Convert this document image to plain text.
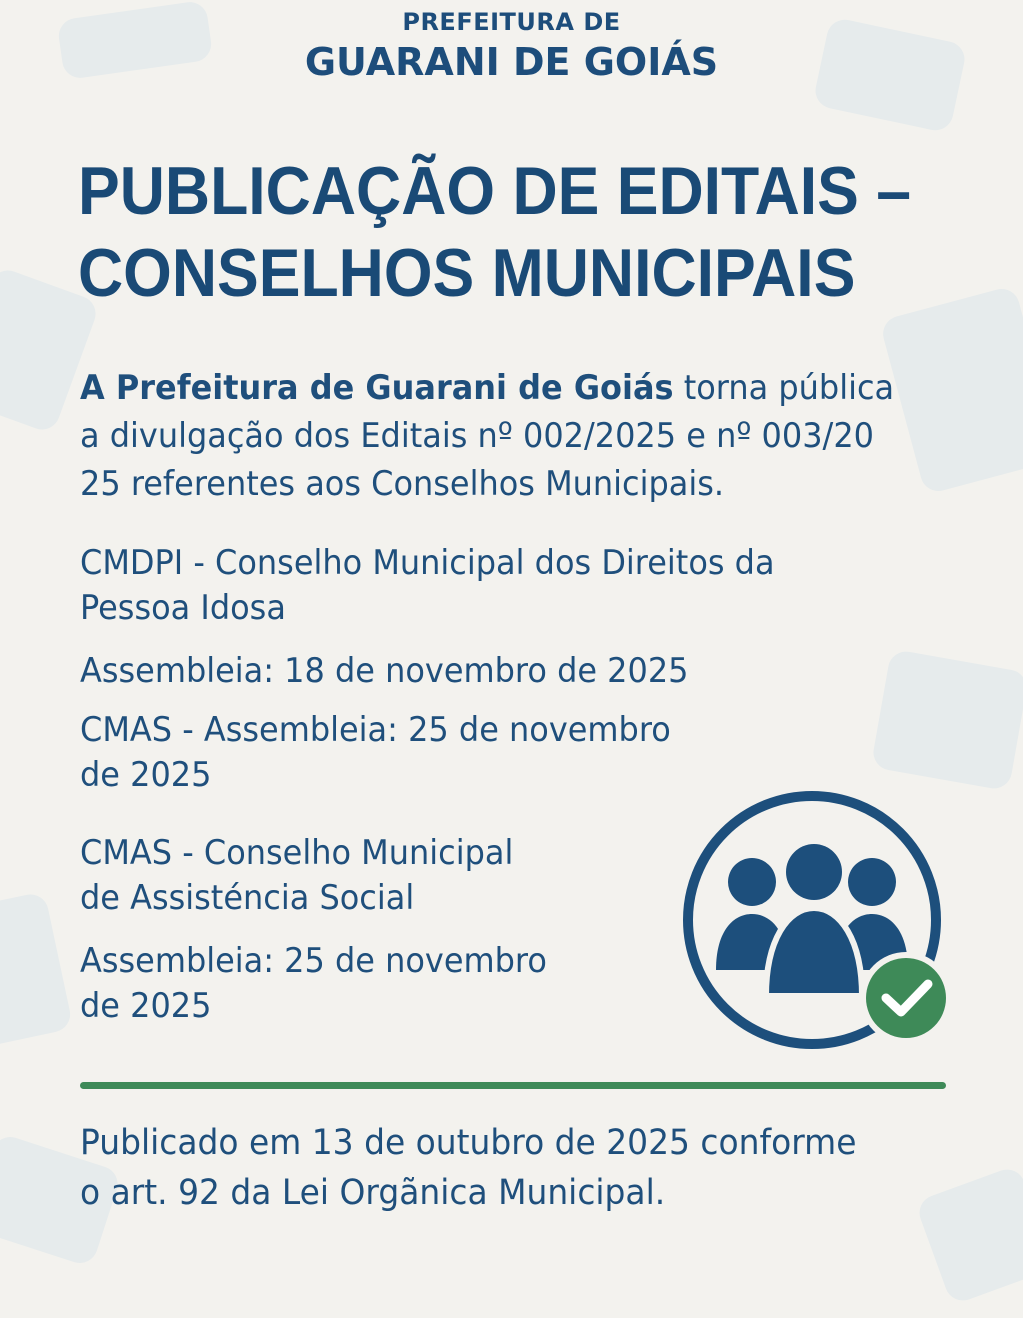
PREFEITURA DE
GUARANI DE GOIÁS
PUBLICAÇÃO DE EDITAIS –
CONSELHOS MUNICIPAIS
A Prefeitura de Guarani de Goiás torna pública
a divulgação dos Editais nº 002/2025 e nº 003/20
25 referentes aos Conselhos Municipais.
CMDPI - Conselho Municipal dos Direitos da
Pessoa Idosa
Assembleia: 18 de novembro de 2025
CMAS - Assembleia: 25 de novembro
de 2025
CMAS - Conselho Municipal
de Assisténcia Social
Assembleia: 25 de novembro
de 2025
Publicado em 13 de outubro de 2025 conforme
o art. 92 da Lei Orgãnica Municipal.
